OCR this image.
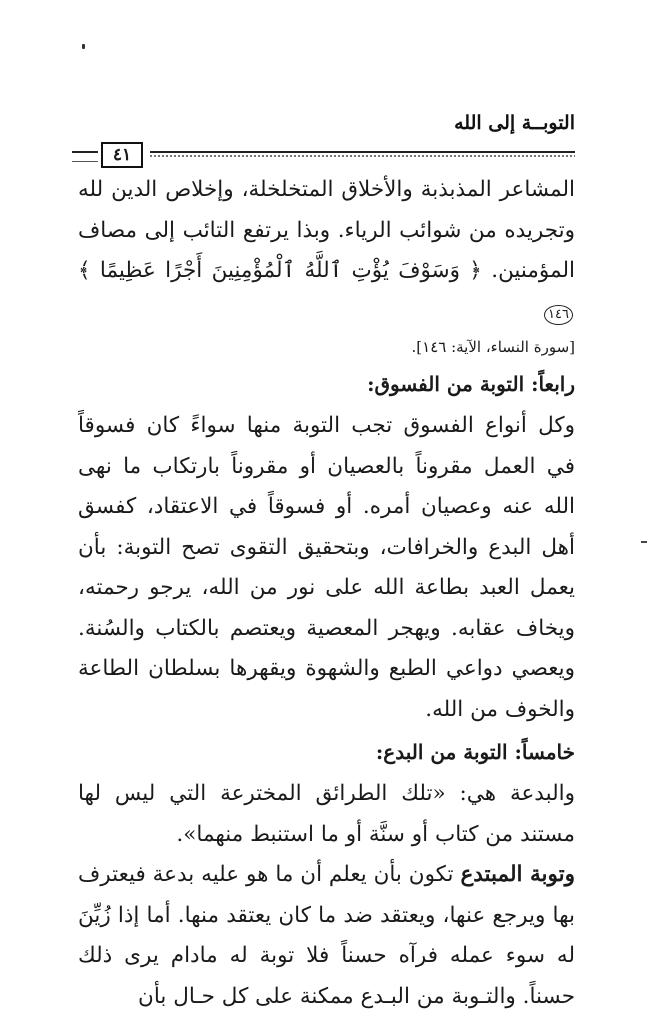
التوبــة إلى الله
٤١

المشاعر المذبذبة والأخلاق المتخلخلة، وإخلاص الدين لله وتجريده من شوائب الرياء. وبذا يرتفع التائب إلى مصاف المؤمنين. ﴿ وَسَوْفَ يُؤْتِ ٱللَّهُ ٱلْمُؤْمِنِينَ أَجْرًا عَظِيمًا ﴾١٤٦

[سورة النساء، الآية: ١٤٦].

رابعاً: التوبة من الفسوق:

وكل أنواع الفسوق تجب التوبة منها سواءً كان فسوقاً في العمل مقروناً بالعصيان أو مقروناً بارتكاب ما نهى الله عنه وعصيان أمره. أو فسوقاً في الاعتقاد، كفسق أهل البدع والخرافات، وبتحقيق التقوى تصح التوبة: بأن يعمل العبد بطاعة الله على نور من الله، يرجو رحمته، ويخاف عقابه. ويهجر المعصية ويعتصم بالكتاب والسُنة. ويعصي دواعي الطبع والشهوة ويقهرها بسلطان الطاعة والخوف من الله.

خامساً: التوبة من البدع:

والبدعة هي: «تلك الطرائق المخترعة التي ليس لها مستند من كتاب أو سنَّة أو ما استنبط منهما».

وتوبة المبتدع تكون بأن يعلم أن ما هو عليه بدعة فيعترف بها ويرجع عنها، ويعتقد ضد ما كان يعتقد منها. أما إذا زُيِّنَ له سوء عمله فرآه حسناً فلا توبة له مادام يرى ذلك حسناً. والتـوبة من البـدع ممكنة على كل حـال بأن
